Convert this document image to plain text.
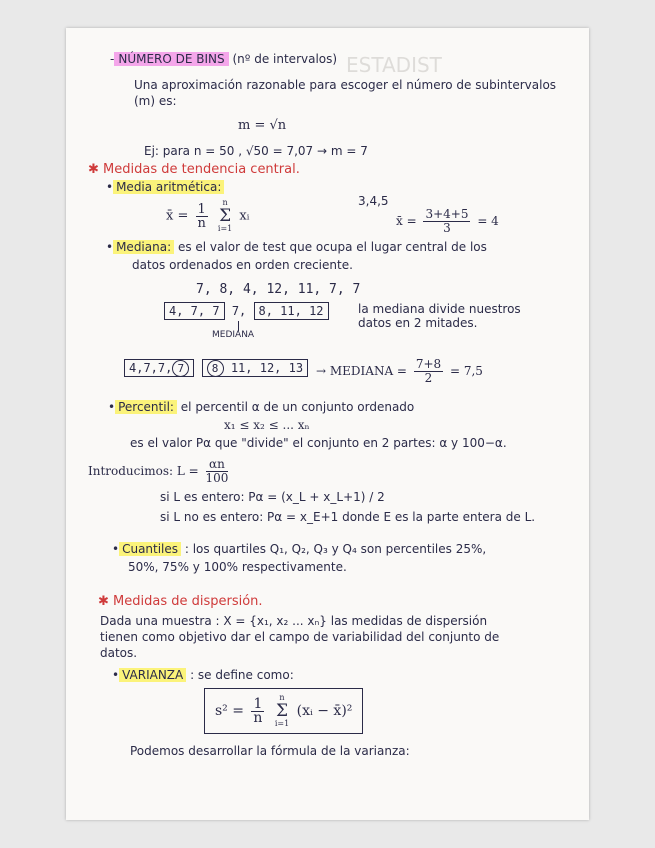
ESTADIST
- NÚMERO DE BINS (nº de intervalos)
Una aproximación razonable para escoger el número de subintervalos
(m) es:
m = √n
Ej: para n = 50 , √50 = 7,07 → m = 7
✱ Medidas de tendencia central.
• Media aritmética:
x̄ = $\frac{1}{n}$
	n
Σ
i=1
xᵢ
3,4,5
x̄ = $\frac{3+4+5}{3} = 4$
• Mediana: es el valor de test que ocupa el lugar central de los
datos ordenados en orden creciente.
7, 8, 4, 12, 11, 7, 7
4, 7, 7 7, 8, 11, 12
MEDIANA
la mediana divide nuestros
datos en 2 mitades.
4,7,7, 7	8 11, 12, 13	→ MEDIANA = $\frac{7+8}{2} = 7,5$
• Percentil: el percentil α de un conjunto ordenado
x₁ ≤ x₂ ≤ ... xₙ
es el valor Pα que "divide" el conjunto en 2 partes: α y 100−α.
Introducimos: $L = \frac{\alpha n}{100}$
si L es entero: Pα = (x_L + x_L+1) / 2
si L no es entero: Pα = x_E+1 donde E es la parte entera de L.
• Cuantiles : los quartiles Q₁, Q₂, Q₃ y Q₄ son percentiles 25%,
50%, 75% y 100% respectivamente.
✱ Medidas de dispersión.
Dada una muestra : X = {x₁, x₂ ... xₙ} las medidas de dispersión
tienen como objetivo dar el campo de variabilidad del conjunto de
datos.
• VARIANZA : se define como:
$s^2 = \frac{1}{n}$
	n
Σ
i=1
(xᵢ − x̄)²
Podemos desarrollar la fórmula de la varianza:
